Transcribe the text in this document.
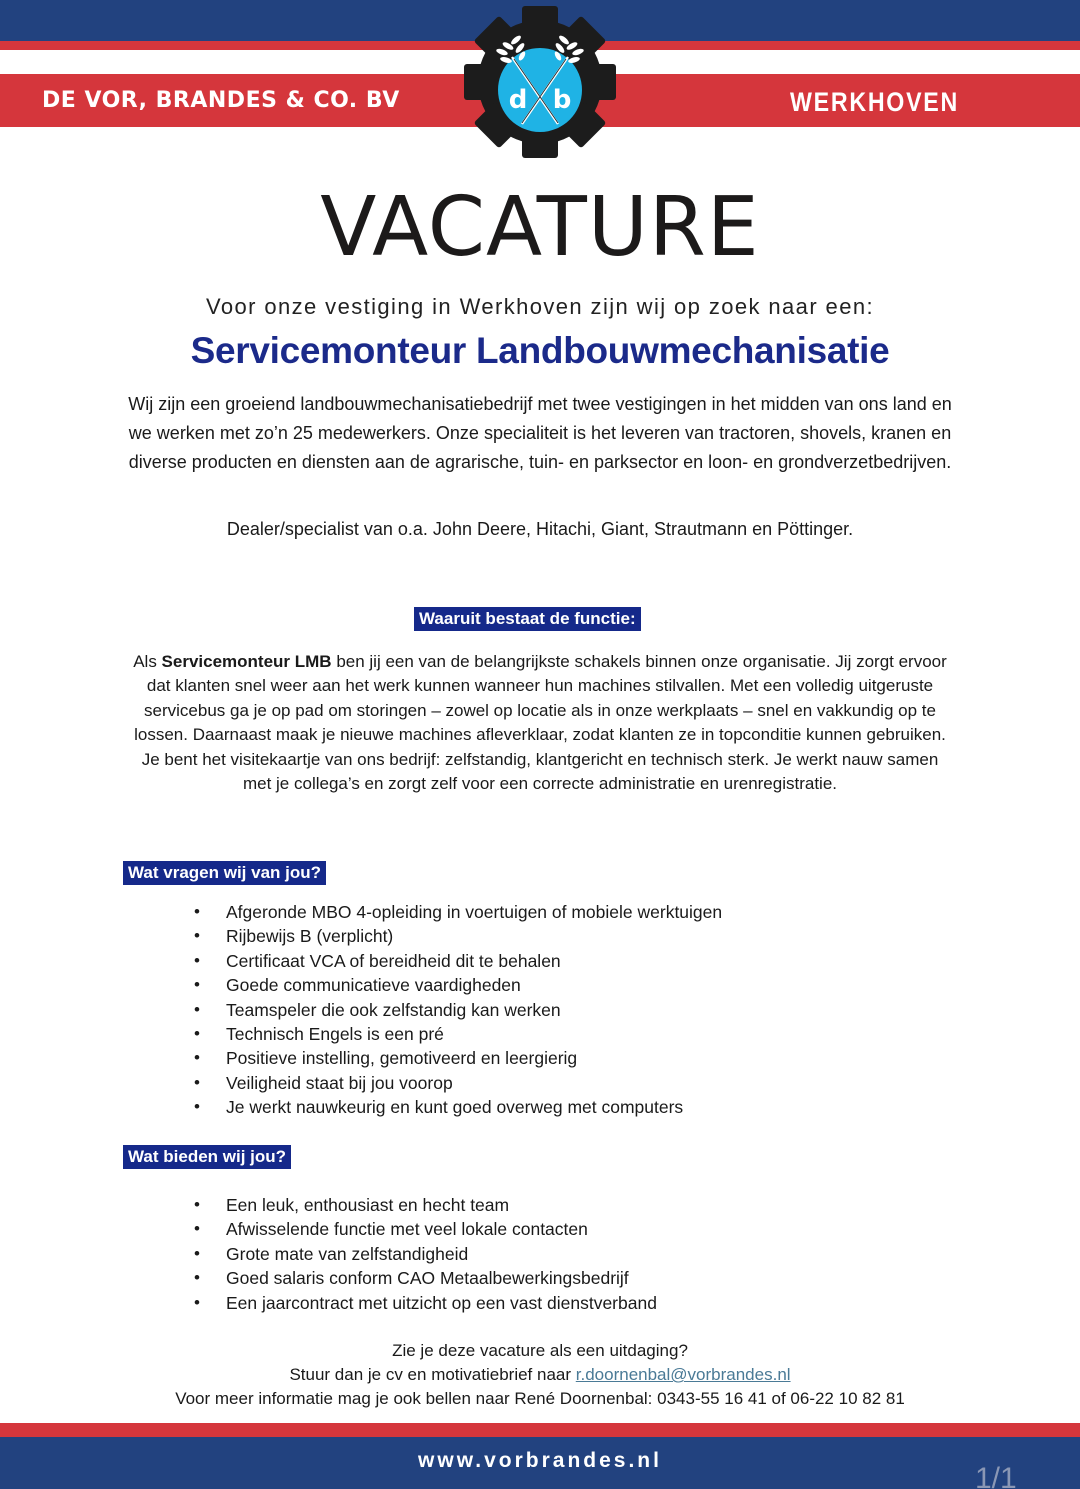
DE VOR, BRANDES & CO. BV	WERKHOVEN
d b
VACATURE

Voor onze vestiging in Werkhoven zijn wij op zoek naar een:

Servicemonteur Landbouwmechanisatie

Wij zijn een groeiend landbouwmechanisatiebedrijf met twee vestigingen in het midden van ons land en we werken met zo’n 25 medewerkers. Onze specialiteit is het leveren van tractoren, shovels, kranen en diverse producten en diensten aan de agrarische, tuin- en parksector en loon- en grondverzetbedrijven.

Dealer/specialist van o.a. John Deere, Hitachi, Giant, Strautmann en Pöttinger.

Waaruit bestaat de functie:

Als Servicemonteur LMB ben jij een van de belangrijkste schakels binnen onze organisatie. Jij zorgt ervoor dat klanten snel weer aan het werk kunnen wanneer hun machines stilvallen. Met een volledig uitgeruste servicebus ga je op pad om storingen – zowel op locatie als in onze werkplaats – snel en vakkundig op te lossen. Daarnaast maak je nieuwe machines afleverklaar, zodat klanten ze in topconditie kunnen gebruiken. Je bent het visitekaartje van ons bedrijf: zelfstandig, klantgericht en technisch sterk. Je werkt nauw samen met je collega’s en zorgt zelf voor een correcte administratie en urenregistratie.

Wat vragen wij van jou?
• Afgeronde MBO 4-opleiding in voertuigen of mobiele werktuigen
• Rijbewijs B (verplicht)
• Certificaat VCA of bereidheid dit te behalen
• Goede communicatieve vaardigheden
• Teamspeler die ook zelfstandig kan werken
• Technisch Engels is een pré
• Positieve instelling, gemotiveerd en leergierig
• Veiligheid staat bij jou voorop
• Je werkt nauwkeurig en kunt goed overweg met computers
Wat bieden wij jou?
• Een leuk, enthousiast en hecht team
• Afwisselende functie met veel lokale contacten
• Grote mate van zelfstandigheid
• Goed salaris conform CAO Metaalbewerkingsbedrijf
• Een jaarcontract met uitzicht op een vast dienstverband
Zie je deze vacature als een uitdaging?
Stuur dan je cv en motivatiebrief naar r.doornenbal@vorbrandes.nl
Voor meer informatie mag je ook bellen naar René Doornenbal: 0343-55 16 41 of 06-22 10 82 81
www.vorbrandes.nl
1/1
